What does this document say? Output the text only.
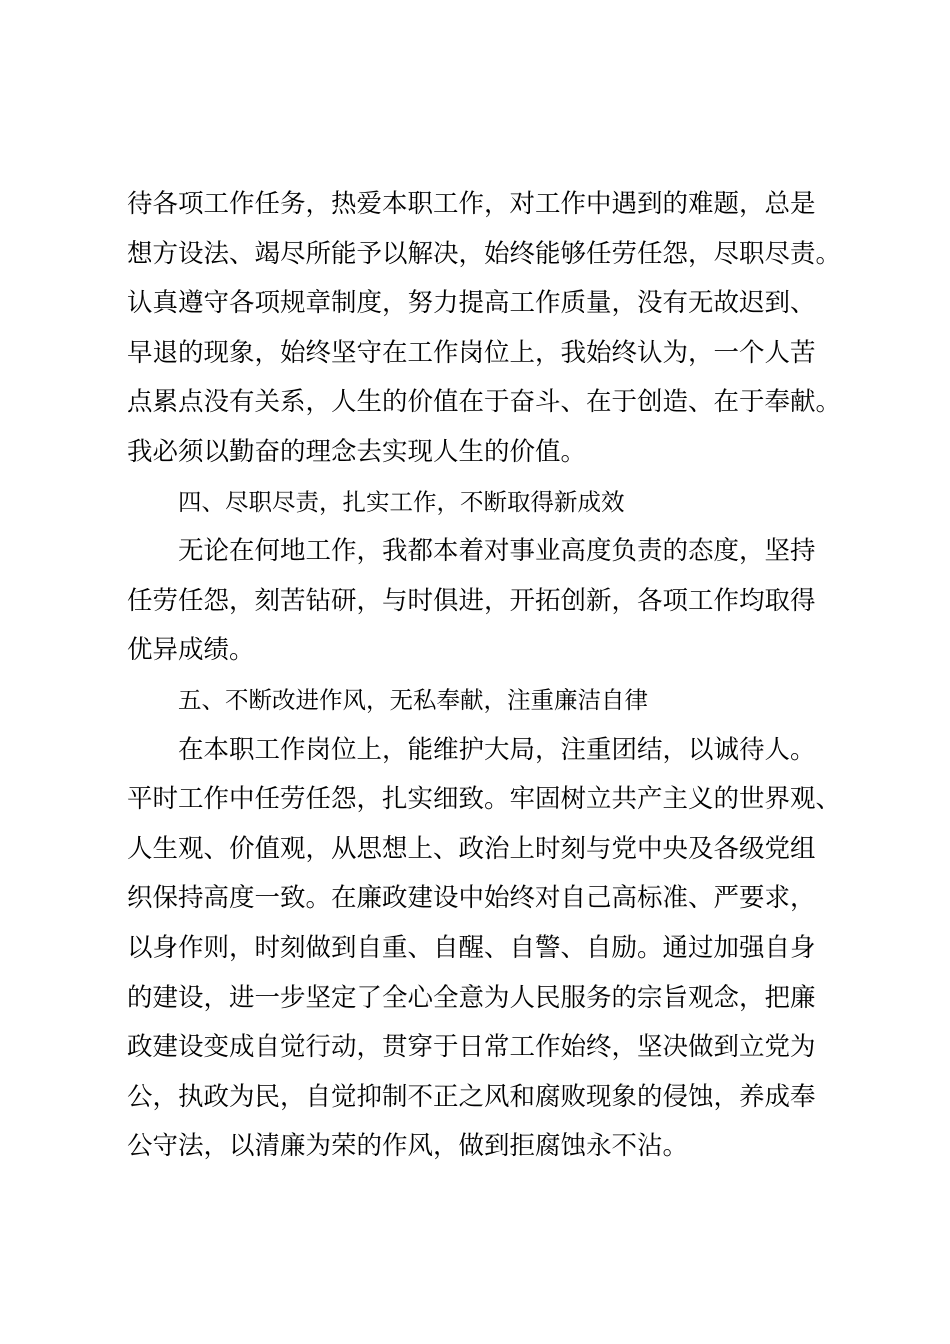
待各项工作任务，热爱本职工作，对工作中遇到的难题，总是
想方设法、竭尽所能予以解决，始终能够任劳任怨，尽职尽责。
认真遵守各项规章制度，努力提高工作质量，没有无故迟到、
早退的现象，始终坚守在工作岗位上，我始终认为，一个人苦
点累点没有关系，人生的价值在于奋斗、在于创造、在于奉献。
我必须以勤奋的理念去实现人生的价值。
四、尽职尽责，扎实工作，不断取得新成效
无论在何地工作，我都本着对事业高度负责的态度，坚持
任劳任怨，刻苦钻研，与时俱进，开拓创新，各项工作均取得
优异成绩。
五、不断改进作风，无私奉献，注重廉洁自律
在本职工作岗位上，能维护大局，注重团结，以诚待人。
平时工作中任劳任怨，扎实细致。牢固树立共产主义的世界观、
人生观、价值观，从思想上、政治上时刻与党中央及各级党组
织保持高度一致。在廉政建设中始终对自己高标准、严要求，
以身作则，时刻做到自重、自醒、自警、自励。通过加强自身
的建设，进一步坚定了全心全意为人民服务的宗旨观念，把廉
政建设变成自觉行动，贯穿于日常工作始终，坚决做到立党为
公，执政为民，自觉抑制不正之风和腐败现象的侵蚀，养成奉
公守法，以清廉为荣的作风，做到拒腐蚀永不沾。
